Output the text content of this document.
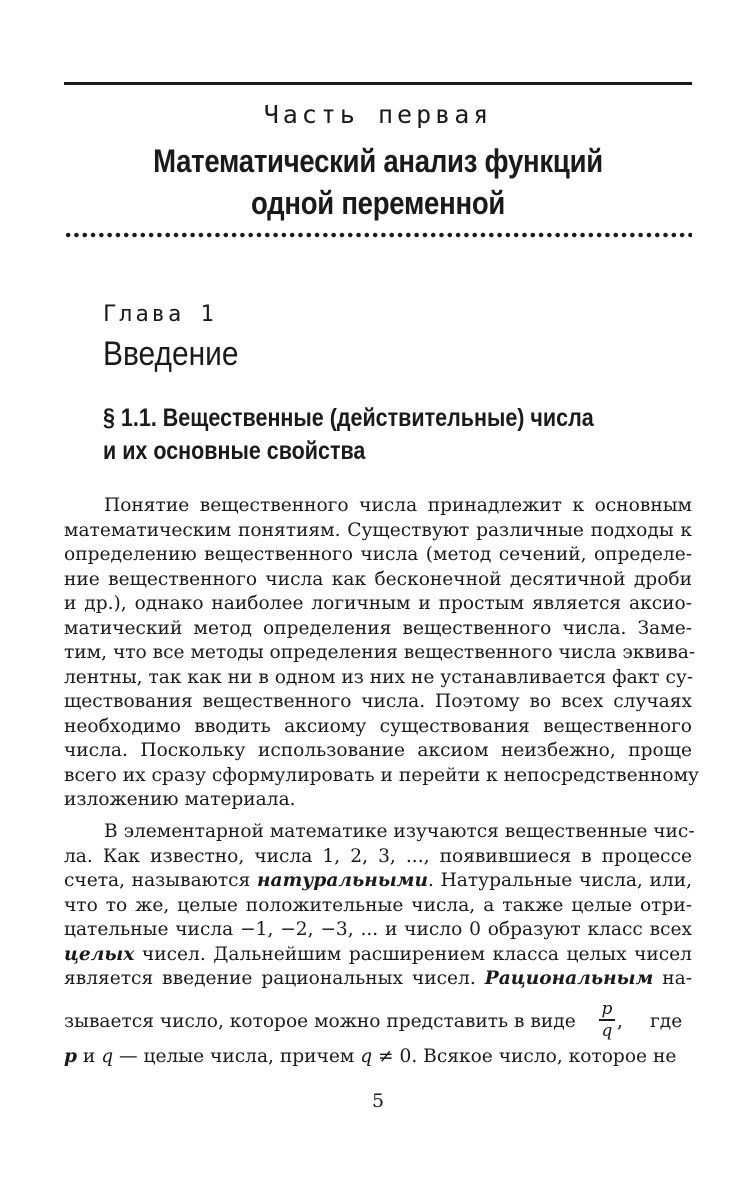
Часть первая
Математический анализ функций
одной переменной
Глава 1
Введение
§ 1.1. Вещественные (действительные) числа
и их основные свойства
Понятие вещественного числа принадлежит к основным
математическим понятиям. Существуют различные подходы к
определению вещественного числа (метод сечений, определе-
ние вещественного числа как бесконечной десятичной дроби
и др.), однако наиболее логичным и простым является аксио-
матический метод определения вещественного числа. Заме-
тим, что все методы определения вещественного числа эквива-
лентны, так как ни в одном из них не устанавливается факт су-
ществования вещественного числа. Поэтому во всех случаях
необходимо вводить аксиому существования вещественного
числа. Поскольку использование аксиом неизбежно, проще
всего их сразу сформулировать и перейти к непосредственному
изложению материала.
В элементарной математике изучаются вещественные чис-
ла. Как известно, числа 1, 2, 3, ..., появившиеся в процессе
счета, называются натуральными. Натуральные числа, или,
что то же, целые положительные числа, а также целые отри-
цательные числа −1, −2, −3, ... и число 0 образуют класс всех
целых чисел. Дальнейшим расширением класса целых чисел
является введение рациональных чисел. Рациональным на-
зывается число, которое можно представить в виде
p
q , где
p и q — целые числа, причем q ≠ 0. Всякое число, которое не
5
